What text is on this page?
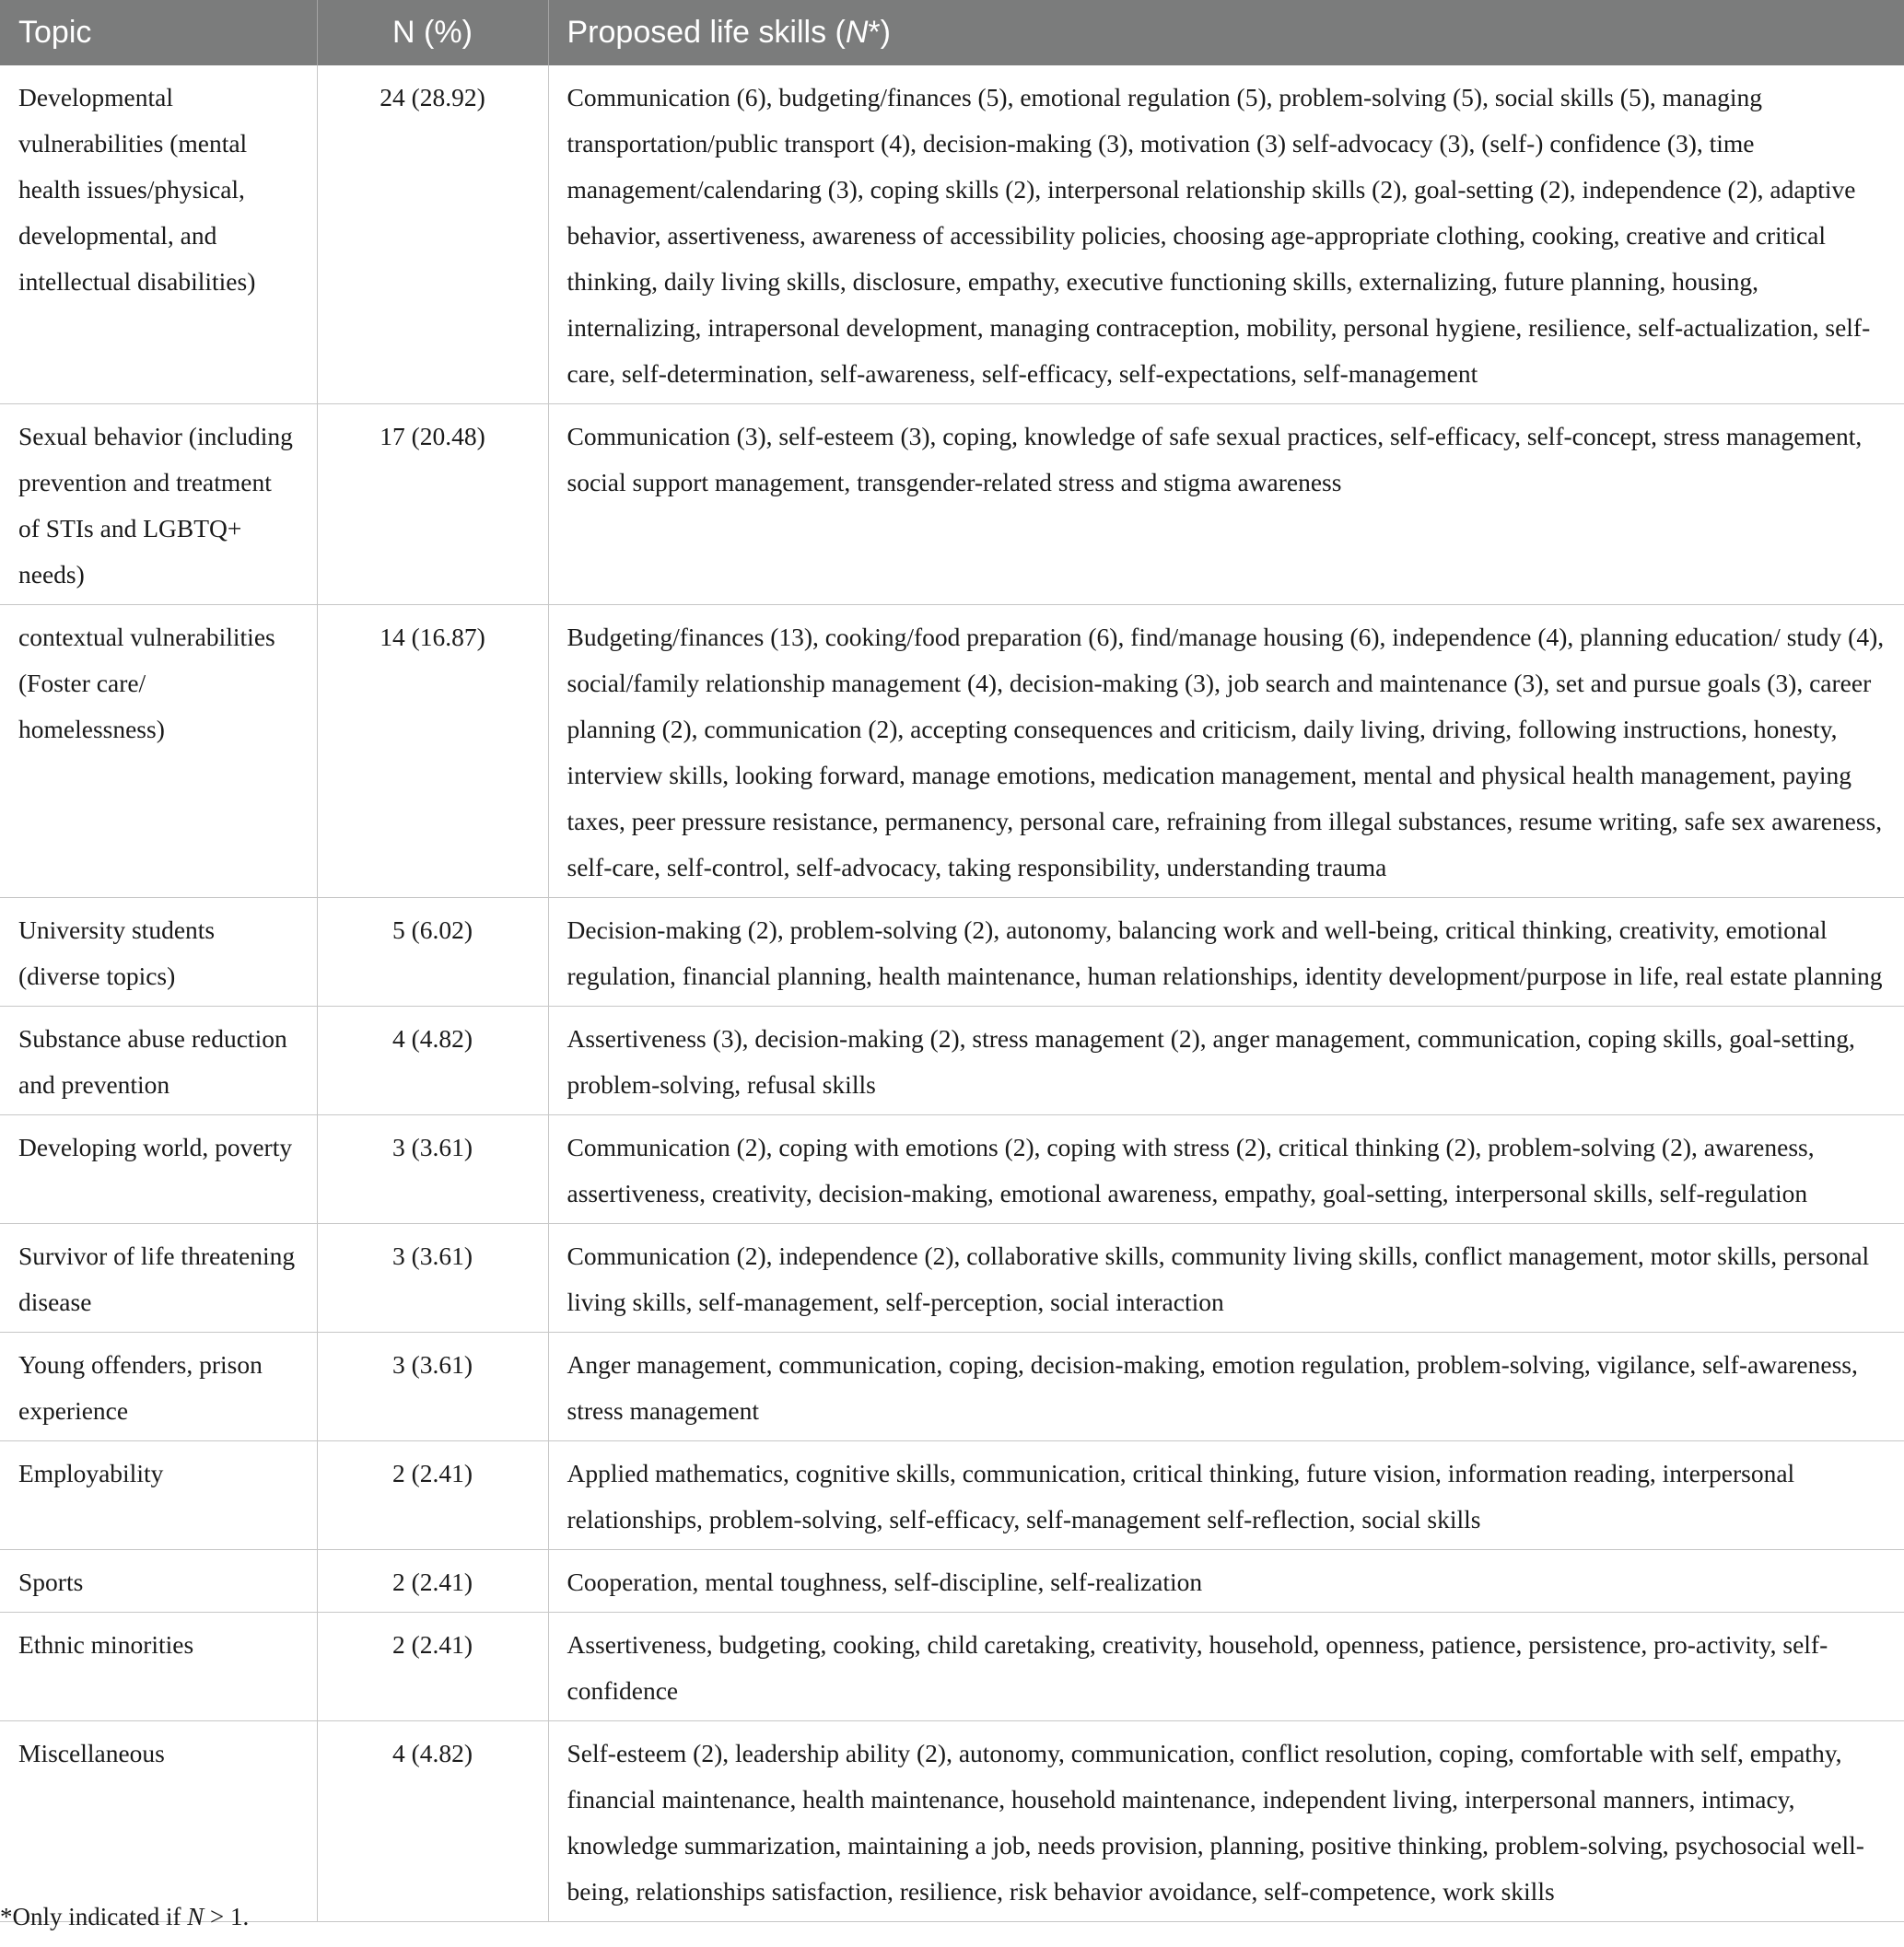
Topic	N (%)	Proposed life skills (N*)
Developmental vulnerabilities (mental health issues/physical, developmental, and intellectual disabilities)	24 (28.92)	Communication (6), budgeting/finances (5), emotional regulation (5), problem-solving (5), social skills (5), managing transportation/public transport (4), decision-making (3), motivation (3) self-advocacy (3), (self-) confidence (3), time management/calendaring (3), coping skills (2), interpersonal relationship skills (2), goal-setting (2), independence (2), adaptive behavior, assertiveness, awareness of accessibility policies, choosing age-appropriate clothing, cooking, creative and critical thinking, daily living skills, disclosure, empathy, executive functioning skills, externalizing, future planning, housing, internalizing, intrapersonal development, managing contraception, mobility, personal hygiene, resilience, self-actualization, self-care, self-determination, self-awareness, self-efficacy, self-expectations, self-management
Sexual behavior (including prevention and treatment of STIs and LGBTQ+ needs)	17 (20.48)	Communication (3), self-esteem (3), coping, knowledge of safe sexual practices, self-efficacy, self-concept, stress management, social support management, transgender-related stress and stigma awareness
contextual vulnerabilities (Foster care/ homelessness)	14 (16.87)	Budgeting/finances (13), cooking/food preparation (6), find/manage housing (6), independence (4), planning education/ study (4), social/family relationship management (4), decision-making (3), job search and maintenance (3), set and pursue goals (3), career planning (2), communication (2), accepting consequences and criticism, daily living, driving, following instructions, honesty, interview skills, looking forward, manage emotions, medication management, mental and physical health management, paying taxes, peer pressure resistance, permanency, personal care, refraining from illegal substances, resume writing, safe sex awareness, self-care, self-control, self-advocacy, taking responsibility, understanding trauma
University students (diverse topics)	5 (6.02)	Decision-making (2), problem-solving (2), autonomy, balancing work and well-being, critical thinking, creativity, emotional regulation, financial planning, health maintenance, human relationships, identity development/purpose in life, real estate planning
Substance abuse reduction and prevention	4 (4.82)	Assertiveness (3), decision-making (2), stress management (2), anger management, communication, coping skills, goal-setting, problem-solving, refusal skills
Developing world, poverty	3 (3.61)	Communication (2), coping with emotions (2), coping with stress (2), critical thinking (2), problem-solving (2), awareness, assertiveness, creativity, decision-making, emotional awareness, empathy, goal-setting, interpersonal skills, self-regulation
Survivor of life threatening disease	3 (3.61)	Communication (2), independence (2), collaborative skills, community living skills, conflict management, motor skills, personal living skills, self-management, self-perception, social interaction
Young offenders, prison experience	3 (3.61)	Anger management, communication, coping, decision-making, emotion regulation, problem-solving, vigilance, self-awareness, stress management
Employability	2 (2.41)	Applied mathematics, cognitive skills, communication, critical thinking, future vision, information reading, interpersonal relationships, problem-solving, self-efficacy, self-management self-reflection, social skills
Sports	2 (2.41)	Cooperation, mental toughness, self-discipline, self-realization
Ethnic minorities	2 (2.41)	Assertiveness, budgeting, cooking, child caretaking, creativity, household, openness, patience, persistence, pro-activity, self-confidence
Miscellaneous	4 (4.82)	Self-esteem (2), leadership ability (2), autonomy, communication, conflict resolution, coping, comfortable with self, empathy, financial maintenance, health maintenance, household maintenance, independent living, interpersonal manners, intimacy, knowledge summarization, maintaining a job, needs provision, planning, positive thinking, problem-solving, psychosocial well-being, relationships satisfaction, resilience, risk behavior avoidance, self-competence, work skills
*Only indicated if N > 1.
